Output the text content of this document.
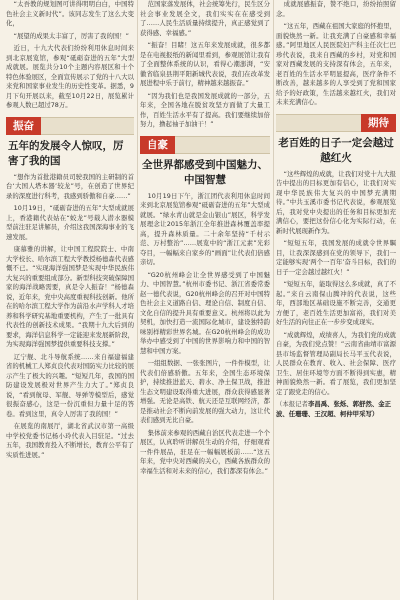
“太吾教的规划图可讲得明明白白，中国特色社会主义新时代”。该同志发生了这么大变化，

“展望的成果太丰富了，厉害了我的国！”

近日，十九大代表们纷纷利用休息时间来到北京展览馆，参观“砥砺奋进的五年”大型成就展。展览共分10个主题内容展区和十个特色体验展区，全面宣传展示了党的十八大以来党和国家事业发生的历史性变革。据悉，9月下旬开展以来，截至10月22日，展览累计参观人数已超过78万。

振奋
五年的发展令人惊叹，厉害了我的国

“想作为首批港籍员司驶我国的主研制的首台‘大国人塔本器’较龙”号，在创造了世界纪录的深度进行科考，我感到骄傲和自豪……”

10月19日，“砥砺奋进的五年”大型成就展上，香港籍代表姑在“蛟龙”号载人潜水器模型前注驻足讲解员，介绍这我国深海事业的飞速发展。

康慕雅的讲解，让中国工程院院士、中南大学校长、哈尔滨工程大学教授杨德森代表感慨不已。“实现海洋强国梦是实现中华民族伟大复兴的重要组成部分。新型科技突破保障国家的海洋战略需要，真是令人振奋！”杨德森说，近年来，党中央高度重视科技创新。他所在的哈尔滨工程大学作为前沿水声学科人才培养和科学研究基地重要机构，产生了一批具有代表性的创新技术成果。“我期十九大后到的要求，海洋信息科学一定能迎来发展新阶段，为实现海洋强国梦提供重要科技支撑。”

辽宁舰、北斗导航系统……来自福建福建省的机械工人郑贞良代表对国防实力比较的展示产生了极大的兴趣。“短短几年，我国的国防建设发展极对世界产生力大了。”郑贞良说，“看到航母、军舰、导弹等模型后，感觉很振奋感心，这是一份沉重但力量十足的答卷。看到这里，真令人厉害了我的国！”

在展览的南展厅，湖北省武汉市第一高级中学校党委书记杨小玲代表入目驻足。“过去五年，我国教育投入不断增长，教育公平有了实质性进展。”

范国家落发展体，社会统筹先行，民生区分社会事业发展全文，我们实实在在感受到了……人民生活质量持续提升，真正感觉到了获得感、幸福感。”

“振奋！目睹！这五年来发展成就，很多都是在电视报纸的新闻里看到，参观展馆让我有了全面整体系统的认识，看得心潮澎湃，“安徽省临泉县荆平阳新城代表说，我们在改革发展进程中乐于前行，精神越来越振奋。”

“因为我们也是我国发展成就的一部分，五年来，全国各地在脱贫攻坚方面做了大量工作，百姓生活水平有了提高。我们要继续加倍努力，撸起袖子加油干！”

自豪
全世界都感受到中国魅力、中国智慧

10月19日下午，浙江团代表利用休息时间来到北京展览馆参观“砥砺奋进的五年”大型成就展。“绿水青山就是金山银山”展区，科学发展理念让2015年浙江全年推进森林覆盖率提高，提升森林质量。二十余年坚持“千村示范、万村整治”……展览中的“浙江元素”光彩夺目，一幅幅来自家乡的“画面”让代表们倍感亲切。

“G20杭州峰会让全世界感受到了中国魅力、中国智慧。”杭州市委书记、浙江省委常委赵一德代表说，G20杭州峰会的召开对中国特色社会主义道路自信、理论自信、制度自信、文化自信的提升具有重要意义。杭州将以此为契机，加快打造一流国际化城市，建设独特韵味别样精彩世界名城。在G20杭州峰会的成功举办中感受到了中国的世界影响力和中国的智慧和中国方案。

一组组数据、一张张图片，一件件模型，让代表们倍感骄傲。五年来，全国生态环境保护，持续推进蓝天、碧水、净土保卫战，推进生态文明建设取得重大进展，群众获得感显著增强。无论是高铁、航天还是互联网经济，都是推动社会不断向前发展的强大动力，这让代表们感到无比自豪。

集体前来参观的西藏自治区代表走进一个个展区，认真聆听讲解员生动的介绍，仔细观看一件件展品，驻足在一幅幅展板前……“这五年来，党中央对西藏的关心，西藏各族群众的幸福生活和对未来的信心，我们都深有体会。”

成就展感振奋，赞不绝口，纷纷拍照留念。

“这五年，西藏在祖国大家庭的怀抱里，面貌焕然一新。让我充满了自豪感和幸福感。”阿里地区人民医院妇产科主任次仁巴珍代表说，我来自西藏的乡村，对党和国家对西藏发展的支持深有体会，五年来，老百姓的生活水平明显提高，医疗条件不断改善，越来越多的人享受到了党和国家给予的好政策，生活越来越红火，我们对未来充满信心。

期待
老百姓的日子一定会越过越红火

“这些辉煌的成就，让我们对党十九大报告中提出的目标更加有信心，让我们对实现中华民族伟大复兴的中国梦充满期待。”中共玉溪市委书记代表说，参观展览后，我对党中央提出的任务和目标更加充满信心，要把这份信心化为实际行动，在新时代展现新作为。

“短短五年，我国发展的成就令世界瞩目，让我深深感到在党的领导下，我们一定能够实现‘两个一百年’奋斗目标，我们的日子一定会越过越红火！”

“短短五年，能取得这么多成就，真了不起。”来自云南保山腾冲的代表说，这些年，西部地区基础设施不断完善，交通更方便了，老百姓生活更加富裕，我们对美好生活的向往正在一步步变成现实。

“成就辉煌，成绩喜人，为我们党的成就自豪，为我们党点赞！”云南省曲靖市富源县市场监督管理局副局长马平玉代表说，人民群众在教育、收入、社会保障、医疗卫生、居住环境等方面不断得到实惠，精神面貌焕然一新。看了展览，我们更加坚定了跟党走的信心。

（本报记者李昌禹、张烁、郭舒然、金正波、任珊珊、王汉超、柯仲甲采写）
